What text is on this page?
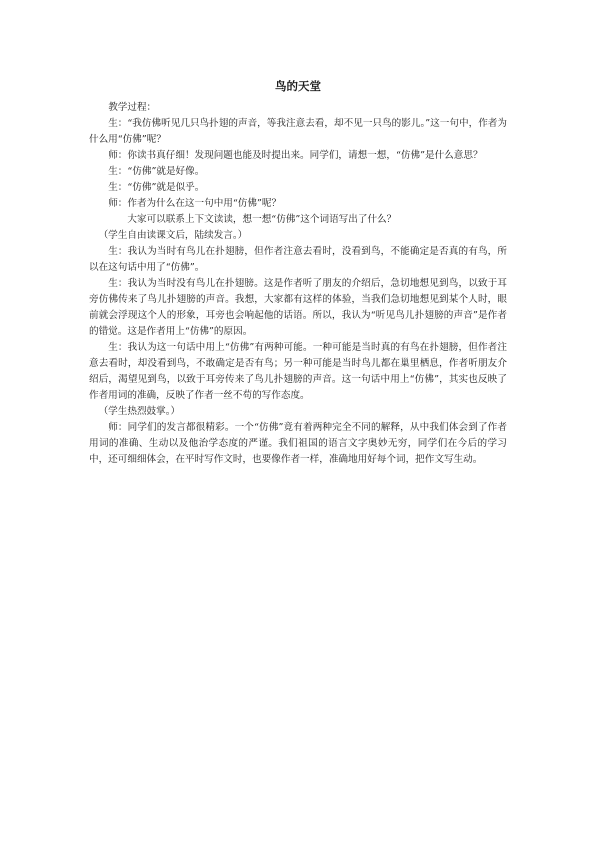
鸟的天堂

教学过程：

生：“我仿佛听见几只鸟扑翅的声音，等我注意去看，却不见一只鸟的影儿。”这一句中，作者为什么用“仿佛”呢？

师：你读书真仔细！发现问题也能及时提出来。同学们，请想一想，“仿佛”是什么意思？

生：“仿佛”就是好像。

生：“仿佛”就是似乎。

师：作者为什么在这一句中用“仿佛”呢？

大家可以联系上下文读读，想一想“仿佛”这个词语写出了什么？

（学生自由读课文后，陆续发言。）

生：我认为当时有鸟儿在扑翅膀，但作者注意去看时，没看到鸟，不能确定是否真的有鸟，所以在这句话中用了“仿佛”。

生：我认为当时没有鸟儿在扑翅膀。这是作者听了朋友的介绍后，急切地想见到鸟，以致于耳旁仿佛传来了鸟儿扑翅膀的声音。我想，大家都有这样的体验，当我们急切地想见到某个人时，眼前就会浮现这个人的形象，耳旁也会响起他的话语。所以，我认为“听见鸟儿扑翅膀的声音”是作者的错觉。这是作者用上“仿佛”的原因。

生：我认为这一句话中用上“仿佛”有两种可能。一种可能是当时真的有鸟在扑翅膀，但作者注意去看时，却没看到鸟，不敢确定是否有鸟；另一种可能是当时鸟儿都在巢里栖息，作者听朋友介绍后，渴望见到鸟，以致于耳旁传来了鸟儿扑翅膀的声音。这一句话中用上“仿佛”，其实也反映了作者用词的准确，反映了作者一丝不苟的写作态度。

（学生热烈鼓掌。）

师：同学们的发言都很精彩。一个“仿佛”竟有着两种完全不同的解释，从中我们体会到了作者用词的准确、生动以及他治学态度的严谨。我们祖国的语言文字奥妙无穷，同学们在今后的学习中，还可细细体会，在平时写作文时，也要像作者一样，准确地用好每个词，把作文写生动。
